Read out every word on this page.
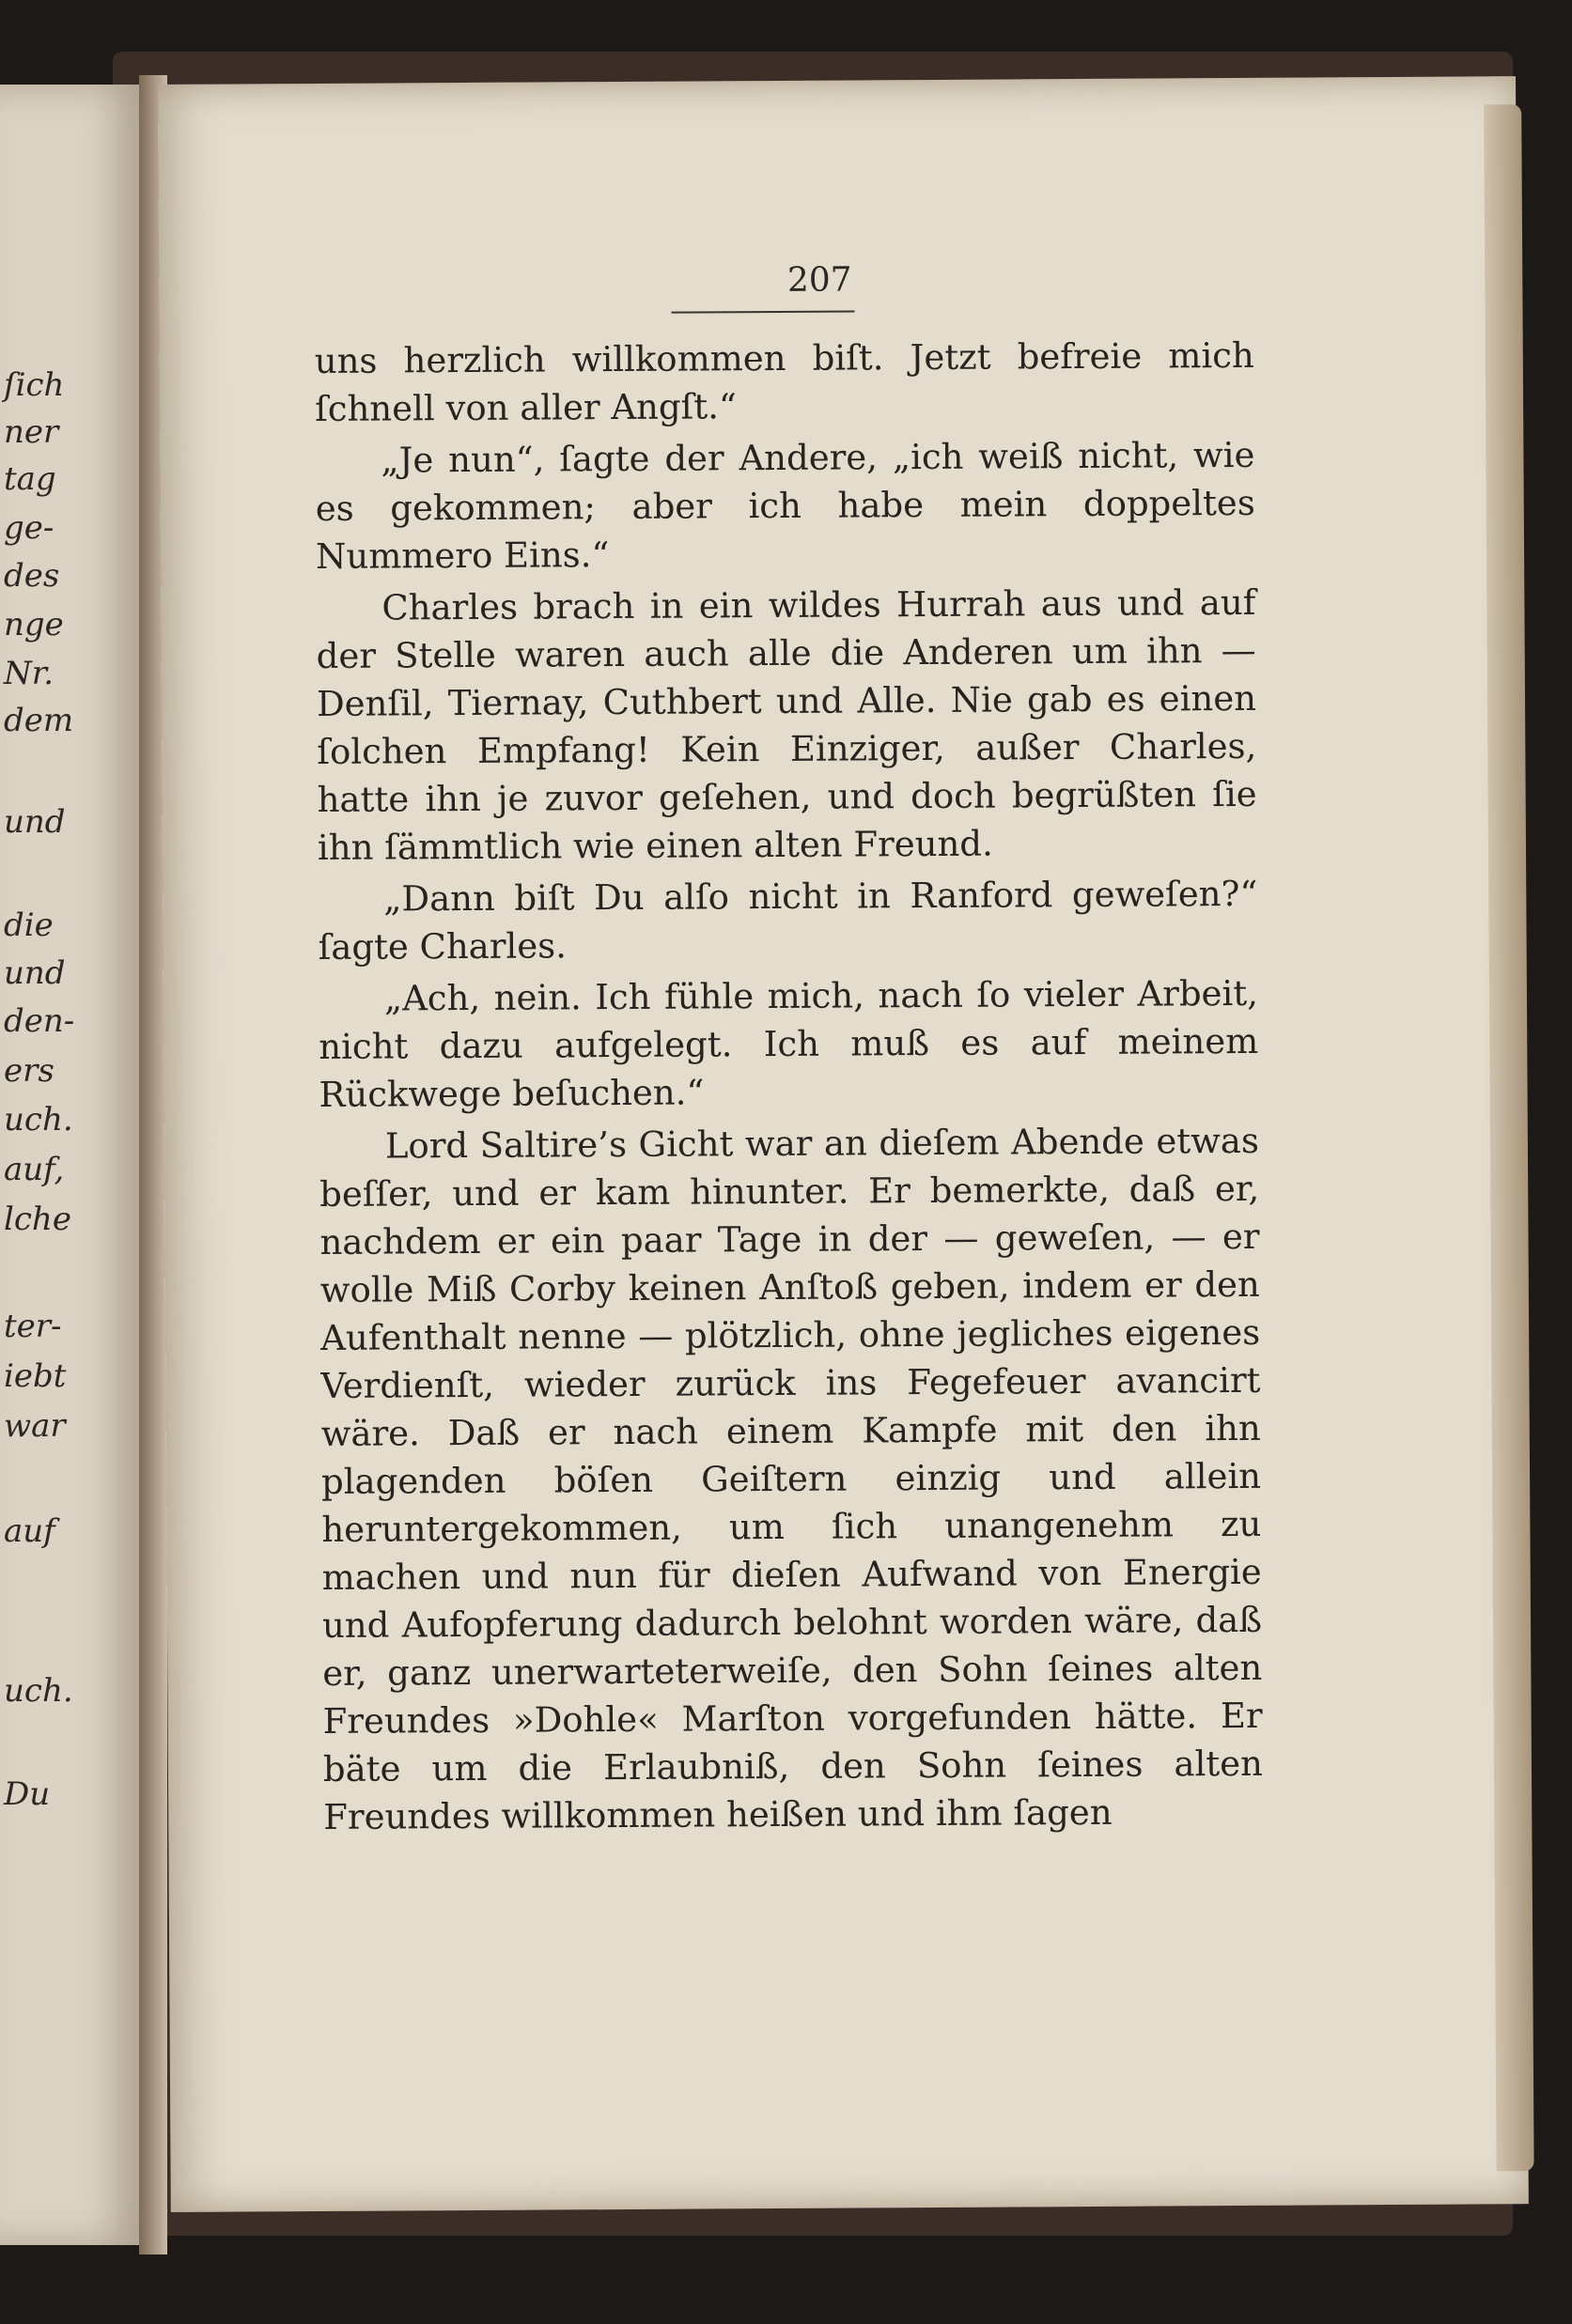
ſich
ner
tag
ge-
des
nge
Nr.
dem
und
die
und
den-
ers
uch.
auf,
lche
ter-
iebt
war
auf
uch.
Du
207

uns herzlich willkommen biſt. Jetzt befreie mich ſchnell von aller Angſt.“

„Je nun“, ſagte der Andere, „ich weiß nicht, wie es gekommen; aber ich habe mein doppeltes Nummero Eins.“

Charles brach in ein wildes Hurrah aus und auf der Stelle waren auch alle die Anderen um ihn — Denſil, Tiernay, Cuthbert und Alle. Nie gab es einen ſolchen Empfang! Kein Einziger, außer Charles, hatte ihn je zuvor geſehen, und doch begrüßten ſie ihn ſämmtlich wie einen alten Freund.

„Dann biſt Du alſo nicht in Ranford geweſen?“ ſagte Charles.

„Ach, nein. Ich fühle mich, nach ſo vieler Arbeit, nicht dazu aufgelegt. Ich muß es auf meinem Rückwege beſuchen.“

Lord Saltire’s Gicht war an dieſem Abende etwas beſſer, und er kam hinunter. Er bemerkte, daß er, nachdem er ein paar Tage in der — geweſen, — er wolle Miß Corby keinen Anſtoß geben, indem er den Aufenthalt nenne — plötzlich, ohne jegliches eigenes Verdienſt, wieder zurück ins Fegefeuer avancirt wäre. Daß er nach einem Kampfe mit den ihn plagenden böſen Geiſtern einzig und allein heruntergekommen, um ſich unangenehm zu machen und nun für dieſen Aufwand von Energie und Aufopferung dadurch belohnt worden wäre, daß er, ganz unerwarteterweiſe, den Sohn ſeines alten Freundes »Dohle« Marſton vorgefunden hätte. Er bäte um die Erlaubniß, den Sohn ſeines alten Freundes willkommen heißen und ihm ſagen
